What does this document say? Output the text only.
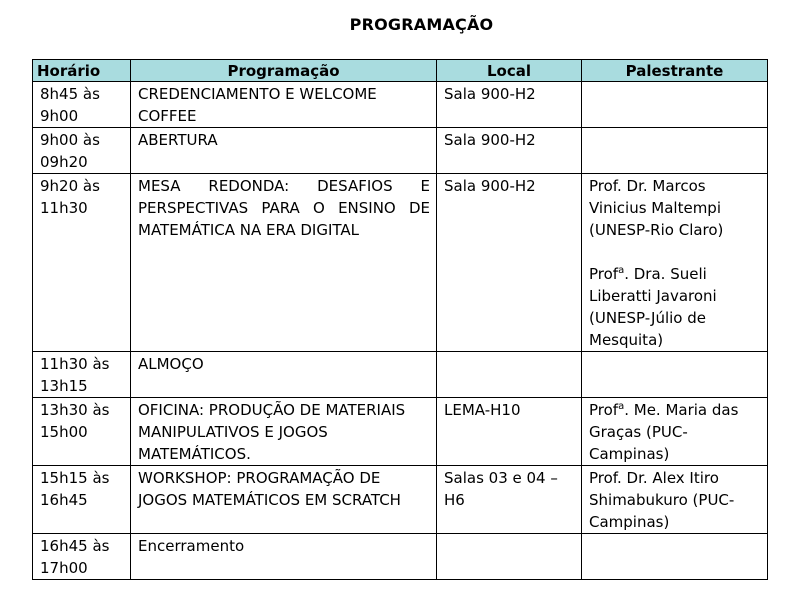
PROGRAMAÇÃO
Horário	Programação	Local	Palestrante

8h45 às
9h00	CREDENCIAMENTO E WELCOME COFFEE	Sala 900-H2	

9h00 às
09h20	ABERTURA	Sala 900-H2	

9h20 às
11h30	MESA REDONDA: DESAFIOS E PERSPECTIVAS PARA O ENSINO DE MATEMÁTICA NA ERA DIGITAL	Sala 900-H2	Prof. Dr. Marcos Vinicius Maltempi (UNESP-Rio Claro)
Prof$^a$. Dra. Sueli Liberatti Javaroni (UNESP-Júlio de Mesquita)

11h30 às
13h15	ALMOÇO		

13h30 às
15h00	OFICINA: PRODUÇÃO DE MATERIAIS MANIPULATIVOS E JOGOS MATEMÁTICOS.	LEMA-H10	Prof$^a$. Me. Maria das Graças (PUC-Campinas)

15h15 às
16h45	WORKSHOP: PROGRAMAÇÃO DE JOGOS MATEMÁTICOS EM SCRATCH	Salas 03 e 04 – H6	Prof. Dr. Alex Itiro Shimabukuro (PUC-Campinas)

16h45 às
17h00	Encerramento		
